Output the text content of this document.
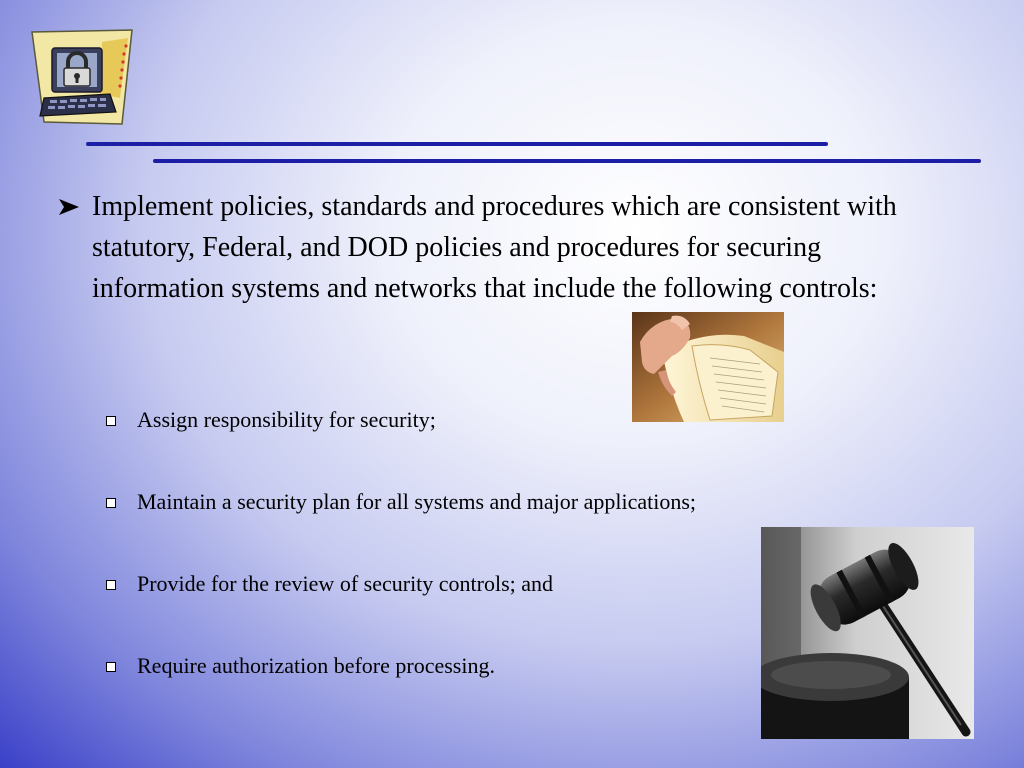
Implement policies, standards and procedures which are consistent with statutory, Federal, and DOD policies and procedures for securing information systems and networks that include the following controls:
Assign responsibility for security;
Maintain a security plan for all systems and major applications;
Provide for the review of security controls; and
Require authorization before processing.
